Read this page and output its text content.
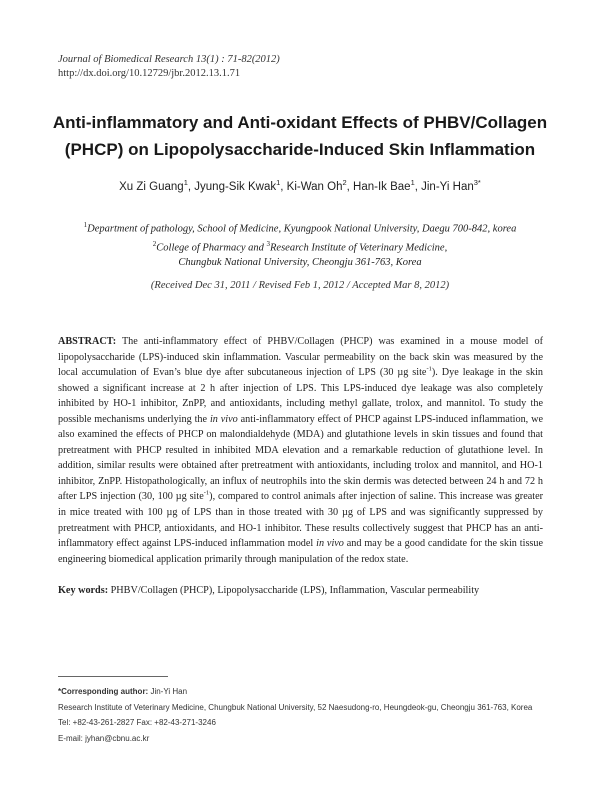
Journal of Biomedical Research 13(1) : 71-82(2012)
http://dx.doi.org/10.12729/jbr.2012.13.1.71
Anti-inflammatory and Anti-oxidant Effects of PHBV/Collagen
(PHCP) on Lipopolysaccharide-Induced Skin Inflammation
Xu Zi Guang$^1$, Jyung-Sik Kwak$^1$, Ki-Wan Oh$^2$, Han-Ik Bae$^1$, Jin-Yi Han$^{3*}$
$^1$Department of pathology, School of Medicine, Kyungpook National University, Daegu 700-842, korea
$^2$College of Pharmacy and $^3$Research Institute of Veterinary Medicine,
Chungbuk National University, Cheongju 361-763, Korea
(Received Dec 31, 2011 / Revised Feb 1, 2012 / Accepted Mar 8, 2012)
ABSTRACT: The anti-inflammatory effect of PHBV/Collagen (PHCP) was examined in a mouse model of lipopolysaccharide (LPS)-induced skin inflammation. Vascular permeability on the back skin was measured by the local accumulation of Evan’s blue dye after subcutaneous injection of LPS (30 µg site$^{-1}$). Dye leakage in the skin showed a significant increase at 2 h after injection of LPS. This LPS-induced dye leakage was also completely inhibited by HO-1 inhibitor, ZnPP, and antioxidants, including methyl gallate, trolox, and mannitol. To study the possible mechanisms underlying the in vivo anti-inflammatory effect of PHCP against LPS-induced inflammation, we also examined the effects of PHCP on malondialdehyde (MDA) and glutathione levels in skin tissues and found that pretreatment with PHCP resulted in inhibited MDA elevation and a remarkable reduction of glutathione level. In addition, similar results were obtained after pretreatment with antioxidants, including trolox and mannitol, and HO-1 inhibitor, ZnPP. Histopathologically, an influx of neutrophils into the skin dermis was detected between 24 h and 72 h after LPS injection (30, 100 µg site$^{-1}$), compared to control animals after injection of saline. This increase was greater in mice treated with 100 µg of LPS than in those treated with 30 µg of LPS and was significantly suppressed by pretreatment with PHCP, antioxidants, and HO-1 inhibitor. These results collectively suggest that PHCP has an anti-inflammatory effect against LPS-induced inflammation model in vivo and may be a good candidate for the skin tissue engineering biomedical application primarily through manipulation of the redox state.
Key words: PHBV/Collagen (PHCP), Lipopolysaccharide (LPS), Inflammation, Vascular permeability
*Corresponding author: Jin-Yi Han
Research Institute of Veterinary Medicine, Chungbuk National University, 52 Naesudong-ro, Heungdeok-gu, Cheongju 361-763, Korea
Tel: +82-43-261-2827 Fax: +82-43-271-3246
E-mail: jyhan@cbnu.ac.kr
